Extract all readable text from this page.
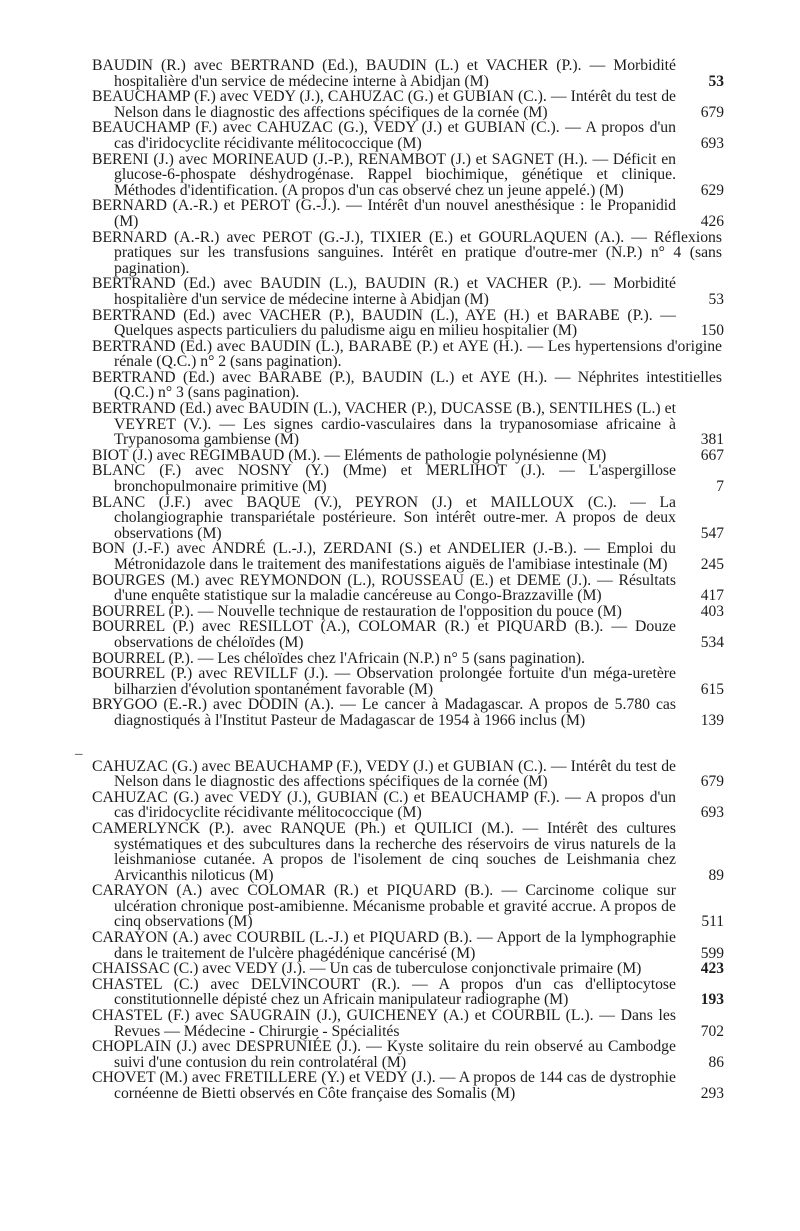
BAUDIN (R.) avec BERTRAND (Ed.), BAUDIN (L.) et VACHER (P.). — Morbidité hospitalière d'un service de médecine interne à Abidjan (M)	53

BEAUCHAMP (F.) avec VEDY (J.), CAHUZAC (G.) et GUBIAN (C.). — Intérêt du test de Nelson dans le diagnostic des affections spécifiques de la cornée (M)	679

BEAUCHAMP (F.) avec CAHUZAC (G.), VEDY (J.) et GUBIAN (C.). — A propos d'un cas d'iridocyclite récidivante mélitococcique (M)	693

BERENI (J.) avec MORINEAUD (J.-P.), RENAMBOT (J.) et SAGNET (H.). — Déficit en glucose-6-phospate déshydrogénase. Rappel biochimique, génétique et clinique. Méthodes d'identification. (A propos d'un cas observé chez un jeune appelé.) (M)	629

BERNARD (A.-R.) et PEROT (G.-J.). — Intérêt d'un nouvel anesthésique : le Propanidid (M)	426

BERNARD (A.-R.) avec PEROT (G.-J.), TIXIER (E.) et GOURLAQUEN (A.). — Réflexions pratiques sur les transfusions sanguines. Intérêt en pratique d'outre-mer (N.P.) n° 4 (sans pagination).

BERTRAND (Ed.) avec BAUDIN (L.), BAUDIN (R.) et VACHER (P.). — Morbidité hospitalière d'un service de médecine interne à Abidjan (M)	53

BERTRAND (Ed.) avec VACHER (P.), BAUDIN (L.), AYE (H.) et BARABE (P.). — Quelques aspects particuliers du paludisme aigu en milieu hospitalier (M)	150

BERTRAND (Ed.) avec BAUDIN (L.), BARABE (P.) et AYE (H.). — Les hypertensions d'origine rénale (Q.C.) n° 2 (sans pagination).

BERTRAND (Ed.) avec BARABE (P.), BAUDIN (L.) et AYE (H.). — Néphrites intestitielles (Q.C.) n° 3 (sans pagination).

BERTRAND (Ed.) avec BAUDIN (L.), VACHER (P.), DUCASSE (B.), SENTILHES (L.) et VEYRET (V.). — Les signes cardio-vasculaires dans la trypanosomiase africaine à Trypanosoma gambiense (M)	381

BIOT (J.) avec REGIMBAUD (M.). — Eléments de pathologie polynésienne (M)	667

BLANC (F.) avec NOSNY (Y.) (Mme) et MERLIHOT (J.). — L'aspergillose bronchopulmonaire primitive (M)	7

BLANC (J.F.) avec BAQUE (V.), PEYRON (J.) et MAILLOUX (C.). — La cholangiographie transpariétale postérieure. Son intérêt outre-mer. A propos de deux observations (M)	547

BON (J.-F.) avec ANDRÉ (L.-J.), ZERDANI (S.) et ANDELIER (J.-B.). — Emploi du Métronidazole dans le traitement des manifestations aiguës de l'amibiase intestinale (M)	245

BOURGES (M.) avec REYMONDON (L.), ROUSSEAU (E.) et DEME (J.). — Résultats d'une enquête statistique sur la maladie cancéreuse au Congo-Brazzaville (M)	417

BOURREL (P.). — Nouvelle technique de restauration de l'opposition du pouce (M)	403

BOURREL (P.) avec RESILLOT (A.), COLOMAR (R.) et PIQUARD (B.). — Douze observations de chéloïdes (M)	534

BOURREL (P.). — Les chéloïdes chez l'Africain (N.P.) n° 5 (sans pagination).

BOURREL (P.) avec REVILLF (J.). — Observation prolongée fortuite d'un méga-uretère bilharzien d'évolution spontanément favorable (M)	615

BRYGOO (E.-R.) avec DODIN (A.). — Le cancer à Madagascar. A propos de 5.780 cas diagnostiqués à l'Institut Pasteur de Madagascar de 1954 à 1966 inclus (M)	139

CAHUZAC (G.) avec BEAUCHAMP (F.), VEDY (J.) et GUBIAN (C.). — Intérêt du test de Nelson dans le diagnostic des affections spécifiques de la cornée (M)	679

CAHUZAC (G.) avec VEDY (J.), GUBIAN (C.) et BEAUCHAMP (F.). — A propos d'un cas d'iridocyclite récidivante mélitococcique (M)	693

CAMERLYNCK (P.). avec RANQUE (Ph.) et QUILICI (M.). — Intérêt des cultures systématiques et des subcultures dans la recherche des réservoirs de virus naturels de la leishmaniose cutanée. A propos de l'isolement de cinq souches de Leishmania chez Arvicanthis niloticus (M)	89

CARAYON (A.) avec COLOMAR (R.) et PIQUARD (B.). — Carcinome colique sur ulcération chronique post-amibienne. Mécanisme probable et gravité accrue. A propos de cinq observations (M)	511

CARAYON (A.) avec COURBIL (L.-J.) et PIQUARD (B.). — Apport de la lymphographie dans le traitement de l'ulcère phagédénique cancérisé (M)	599

CHAISSAC (C.) avec VEDY (J.). — Un cas de tuberculose conjonctivale primaire (M)	423

CHASTEL (C.) avec DELVINCOURT (R.). — A propos d'un cas d'elliptocytose constitutionnelle dépisté chez un Africain manipulateur radiographe (M)	193

CHASTEL (F.) avec SAUGRAIN (J.), GUICHENEY (A.) et COURBIL (L.). — Dans les Revues — Médecine - Chirurgie - Spécialités	702

CHOPLAIN (J.) avec DESPRUNIÉE (J.). — Kyste solitaire du rein observé au Cambodge suivi d'une contusion du rein controlatéral (M)	86

CHOVET (M.) avec FRETILLERE (Y.) et VEDY (J.). — A propos de 144 cas de dystrophie cornéenne de Bietti observés en Côte française des Somalis (M)	293

–
